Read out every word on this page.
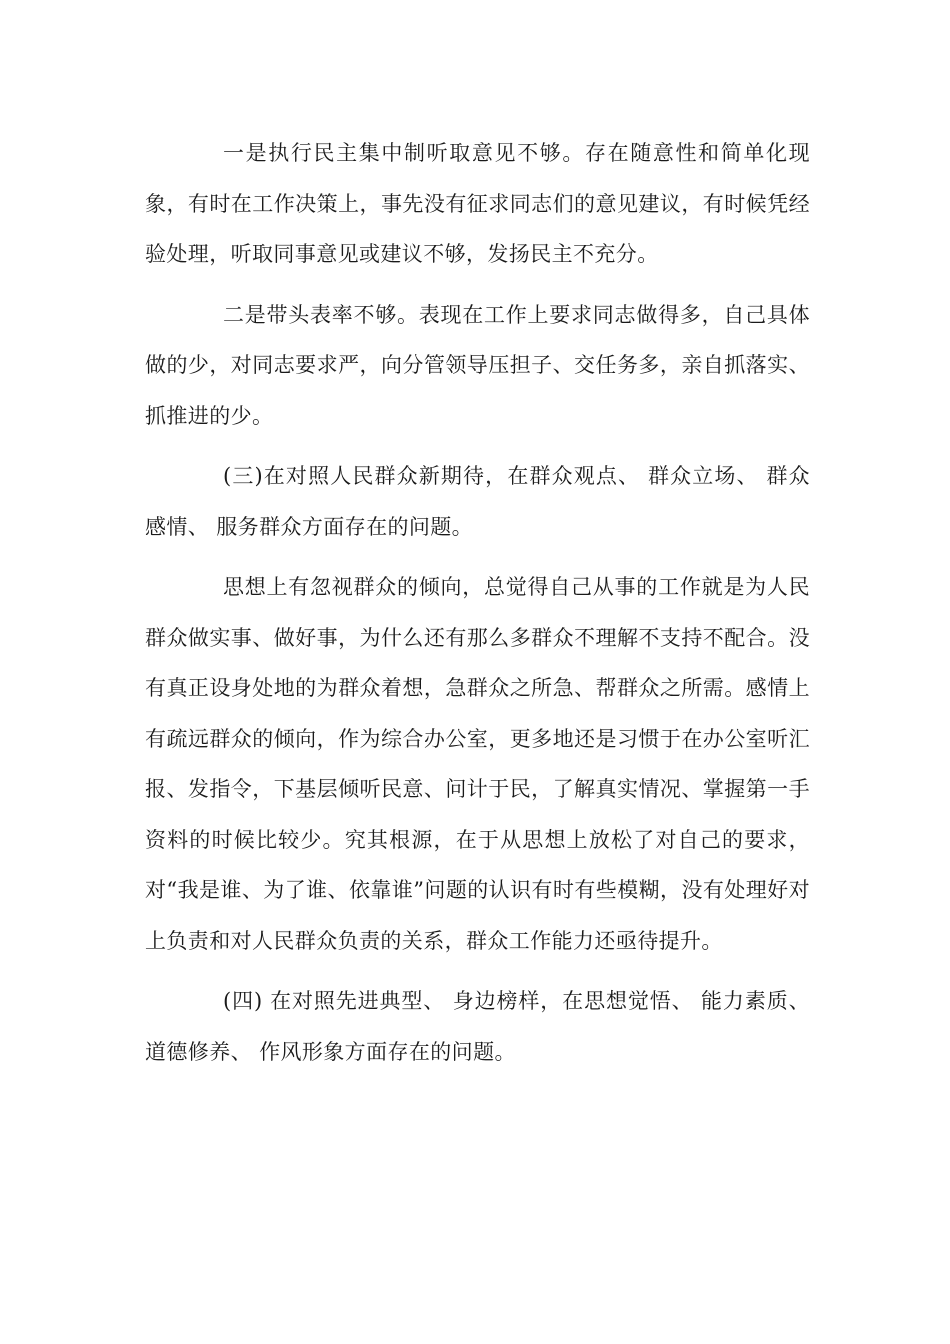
一是执行民主集中制听取意见不够。存在随意性和简单化现象，有时在工作决策上，事先没有征求同志们的意见建议，有时候凭经验处理，听取同事意见或建议不够，发扬民主不充分。

二是带头表率不够。表现在工作上要求同志做得多，自己具体做的少，对同志要求严，向分管领导压担子、交任务多，亲自抓落实、抓推进的少。

(三)在对照人民群众新期待，在群众观点、 群众立场、 群众感情、 服务群众方面存在的问题。

思想上有忽视群众的倾向，总觉得自己从事的工作就是为人民群众做实事、做好事，为什么还有那么多群众不理解不支持不配合。没有真正设身处地的为群众着想，急群众之所急、帮群众之所需。感情上有疏远群众的倾向，作为综合办公室，更多地还是习惯于在办公室听汇报、发指令，下基层倾听民意、问计于民，了解真实情况、掌握第一手资料的时候比较少。究其根源，在于从思想上放松了对自己的要求， 对“我是谁、为了谁、依靠谁”问题的认识有时有些模糊，没有处理好对上负责和对人民群众负责的关系，群众工作能力还亟待提升。

(四) 在对照先进典型、 身边榜样，在思想觉悟、 能力素质、 道德修养、 作风形象方面存在的问题。
